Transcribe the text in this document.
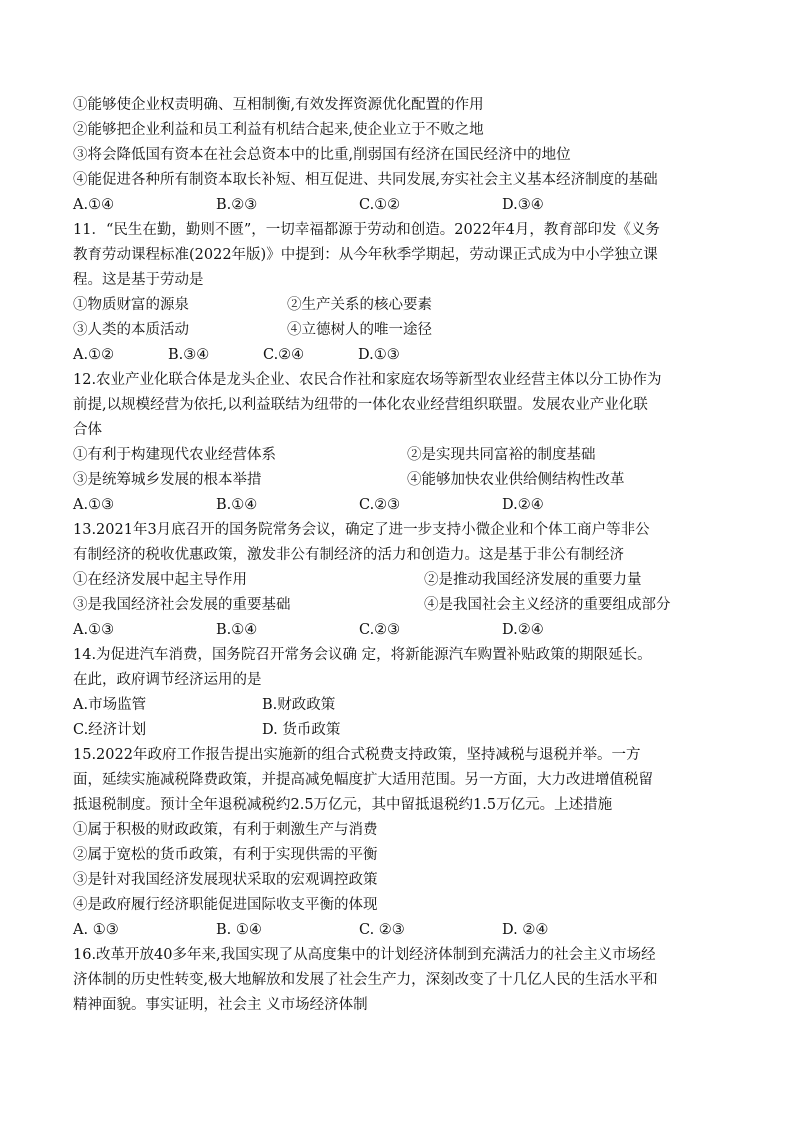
①能够使企业权责明确、互相制衡,有效发挥资源优化配置的作用
②能够把企业利益和员工利益有机结合起来,使企业立于不败之地
③将会降低国有资本在社会总资本中的比重,削弱国有经济在国民经济中的地位
④能促进各种所有制资本取长补短、相互促进、共同发展,夯实社会主义基本经济制度的基础
A.①④	B.②③	C.①②	D.③④
11．“民生在勤，勤则不匮”，一切幸福都源于劳动和创造。2022年4月，教育部印发《义务
教育劳动课程标准(2022年版)》中提到：从今年秋季学期起，劳动课正式成为中小学独立课
程。这是基于劳动是
①物质财富的源泉	②生产关系的核心要素
③人类的本质活动	④立德树人的唯一途径
A.①②	B.③④	C.②④	D.①③
12.农业产业化联合体是龙头企业、农民合作社和家庭农场等新型农业经营主体以分工协作为
前提,以规模经营为依托,以利益联结为纽带的一体化农业经营组织联盟。发展农业产业化联
合体
①有利于构建现代农业经营体系	②是实现共同富裕的制度基础
③是统筹城乡发展的根本举措	④能够加快农业供给侧结构性改革
A.①③	B.①④	C.②③	D.②④
13.2021年3月底召开的国务院常务会议，确定了进一步支持小微企业和个体工商户等非公
有制经济的税收优惠政策，激发非公有制经济的活力和创造力。这是基于非公有制经济
①在经济发展中起主导作用	②是推动我国经济发展的重要力量
③是我国经济社会发展的重要基础	④是我国社会主义经济的重要组成部分
A.①③	B.①④	C.②③	D.②④
14.为促进汽车消费，国务院召开常务会议确 定，将新能源汽车购置补贴政策的期限延长。
在此，政府调节经济运用的是
A.市场监管	B.财政政策
C.经济计划	D. 货币政策
15.2022年政府工作报告提出实施新的组合式税费支持政策，坚持减税与退税并举。一方
面，延续实施减税降费政策，并提高减免幅度扩大适用范围。另一方面，大力改进增值税留
抵退税制度。预计全年退税减税约2.5万亿元，其中留抵退税约1.5万亿元。上述措施
①属于积极的财政政策，有利于刺激生产与消费
②属于宽松的货币政策，有利于实现供需的平衡
③是针对我国经济发展现状采取的宏观调控政策
④是政府履行经济职能促进国际收支平衡的体现
A. ①③	B. ①④	C. ②③	D. ②④
16.改革开放40多年来,我国实现了从高度集中的计划经济体制到充满活力的社会主义市场经
济体制的历史性转变,极大地解放和发展了社会生产力，深刻改变了十几亿人民的生活水平和
精神面貌。事实证明，社会主 义市场经济体制
